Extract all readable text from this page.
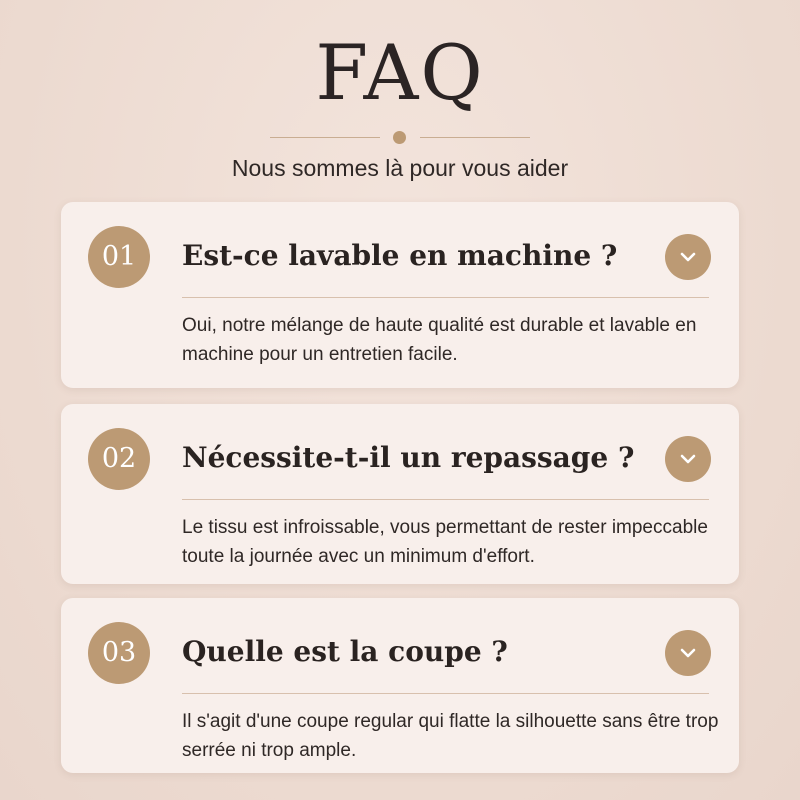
FAQ
Nous sommes là pour vous aider
01	Est-ce lavable en machine ?
Oui, notre mélange de haute qualité est durable et lavable en machine pour un entretien facile.
02	Nécessite-t-il un repassage ?
Le tissu est infroissable, vous permettant de rester impeccable toute la journée avec un minimum d'effort.
03	Quelle est la coupe ?
Il s'agit d'une coupe regular qui flatte la silhouette sans être trop serrée ni trop ample.
